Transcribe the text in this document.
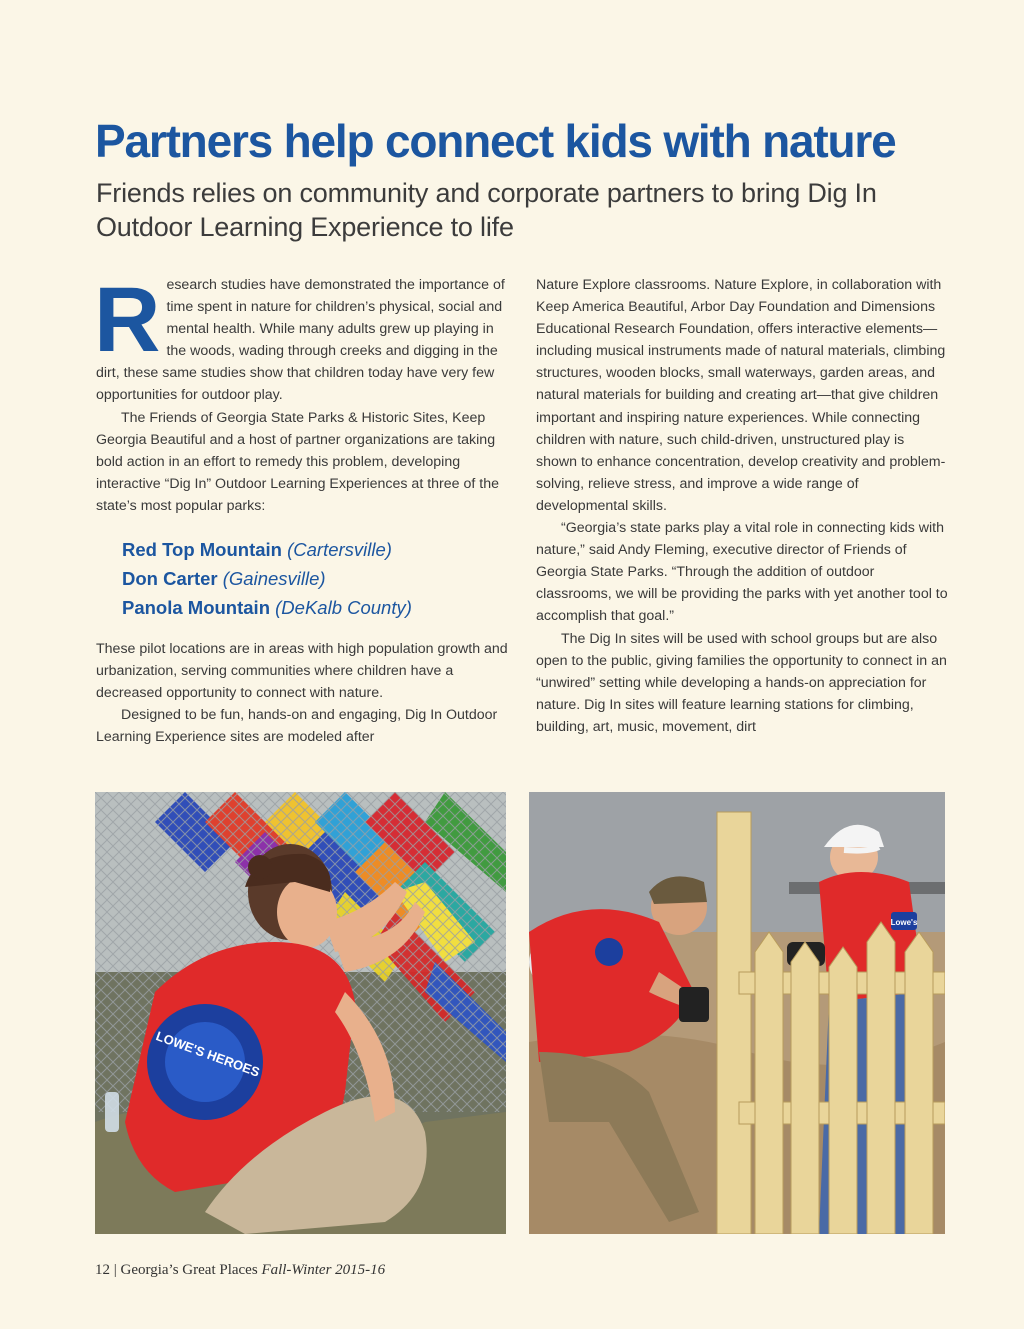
Partners help connect kids with nature
Friends relies on community and corporate partners to bring Dig In Outdoor Learning Experience to life

Research studies have demonstrated the importance of time spent in nature for children’s physical, social and mental health. While many adults grew up playing in the woods, wading through creeks and digging in the dirt, these same studies show that children today have very few opportunities for outdoor play.

The Friends of Georgia State Parks & Historic Sites, Keep Georgia Beautiful and a host of partner organizations are taking bold action in an effort to remedy this problem, developing interactive “Dig In” Outdoor Learning Experiences at three of the state’s most popular parks:

Red Top Mountain (Cartersville)
Don Carter (Gainesville)
Panola Mountain (DeKalb County)

These pilot locations are in areas with high population growth and urbanization, serving communities where children have a decreased opportunity to connect with nature.

Designed to be fun, hands-on and engaging, Dig In Outdoor Learning Experience sites are modeled after

Nature Explore classrooms. Nature Explore, in collaboration with Keep America Beautiful, Arbor Day Foundation and Dimensions Educational Research Foundation, offers interactive elements—including musical instruments made of natural materials, climbing structures, wooden blocks, small waterways, garden areas, and natural materials for building and creating art—that give children important and inspiring nature experiences. While connecting children with nature, such child-driven, unstructured play is shown to enhance concentration, develop creativity and problem-solving, relieve stress, and improve a wide range of developmental skills.

“Georgia’s state parks play a vital role in connecting kids with nature,” said Andy Fleming, executive director of Friends of Georgia State Parks. “Through the addition of outdoor classrooms, we will be providing the parks with yet another tool to accomplish that goal.”

The Dig In sites will be used with school groups but are also open to the public, giving families the opportunity to connect in an “unwired” setting while developing a hands-on appreciation for nature. Dig In sites will feature learning stations for climbing, building, art, music, movement, dirt

LOWE'S HEROES
Lowe's
12 | Georgia’s Great Places Fall-Winter 2015-16
